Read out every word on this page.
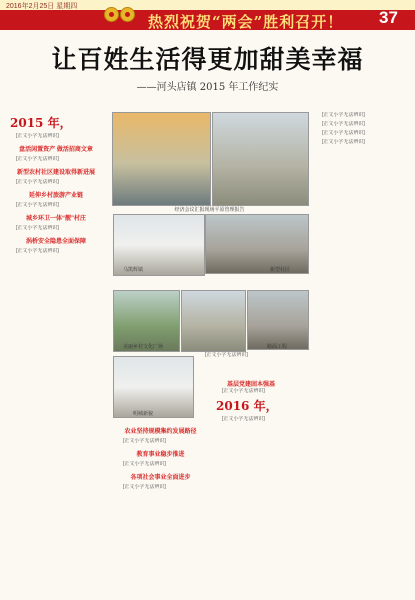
2016年2月25日 星期四
热烈祝贺“两会”胜利召开！ 37
让百姓生活得更加甜美幸福
——河头店镇 2015 年工作纪实
2015 年，

[正文小字无法辨识]

盘活闲置资产 做活招商文章

[正文小字无法辨识]

新型农村社区建设取得新进展

[正文小字无法辨识]

延伸乡村旅游产业链

[正文小字无法辨识]

城乡环卫一体“靓”村庄

[正文小字无法辨识]

涡桥安全隐患全面保障

[正文小字无法辨识]

经济会议汇报现场平原管理报告
马凯辉镇	新型社区
美丽乡村文化广场	路面工程
明城新貌

[正文小字无法辨识]

基层党建固本强基
农业坚持规模集约发展路径

[正文小字无法辨识]

教育事业稳步推进

[正文小字无法辨识]

各项社会事业全面进步

[正文小字无法辨识]

[正文小字无法辨识]

2016 年，

[正文小字无法辨识]

[正文小字无法辨识]

[正文小字无法辨识]

[正文小字无法辨识]

[正文小字无法辨识]
